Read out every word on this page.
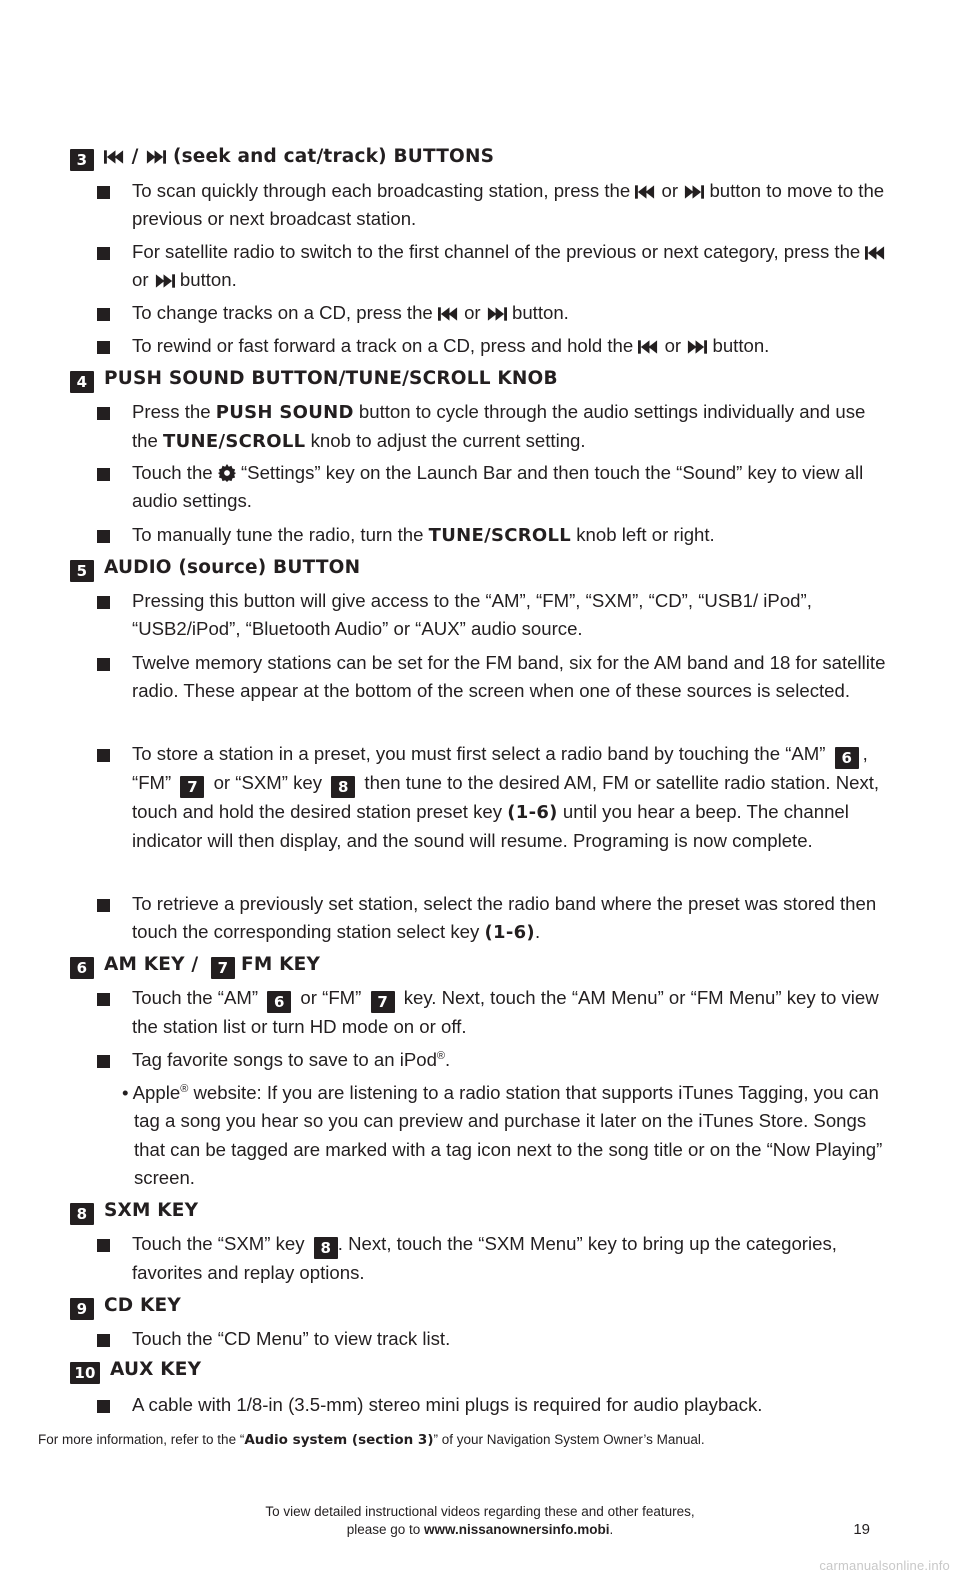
3 / (seek and cat/track) BUTTONS
To scan quickly through each broadcasting station, press the or button to move to the previous or next broadcast station.
For satellite radio to switch to the first channel of the previous or next category, press the  or button.
To change tracks on a CD, press the or button.
To rewind or fast forward a track on a CD, press and hold the or button.
4 PUSH SOUND BUTTON/TUNE/SCROLL KNOB
Press the PUSH SOUND button to cycle through the audio settings individually and use the TUNE/SCROLL knob to adjust the current setting.
Touch the “Settings” key on the Launch Bar and then touch the “Sound” key to view all audio settings.
To manually tune the radio, turn the TUNE/SCROLL knob left or right.
5 AUDIO (source) BUTTON
Pressing this button will give access to the “AM”, “FM”, “SXM”, “CD”, “USB1/ iPod”, “USB2/iPod”, “Bluetooth Audio” or “AUX” audio source.
Twelve memory stations can be set for the FM band, six for the AM band and 18 for satellite radio. These appear at the bottom of the screen when one of these sources is selected.
To store a station in a preset, you must first select a radio band by touching the “AM” 6 , “FM” 7 or “SXM” key 8 then tune to the desired AM, FM or satellite radio station. Next, touch and hold the desired station preset key (1-6) until you hear a beep. The channel indicator will then display, and the sound will resume. Programing is now complete.
To retrieve a previously set station, select the radio band where the preset was stored then touch the corresponding station select key (1-6).
6 AM KEY / 7 FM KEY
Touch the “AM” 6 or “FM” 7 key. Next, touch the “AM Menu” or “FM Menu” key to view the station list or turn HD mode on or off.
Tag favorite songs to save to an iPod®.
• Apple® website: If you are listening to a radio station that supports iTunes Tagging, you can tag a song you hear so you can preview and purchase it later on the iTunes Store. Songs that can be tagged are marked with a tag icon next to the song title or on the “Now Playing” screen.
8 SXM KEY
Touch the “SXM” key 8 . Next, touch the “SXM Menu” key to bring up the categories, favorites and replay options.
9 CD KEY
Touch the “CD Menu” to view track list.
10 AUX KEY
A cable with 1/8-in (3.5-mm) stereo mini plugs is required for audio playback.
For more information, refer to the “Audio system (section 3)” of your Navigation System Owner’s Manual.
To view detailed instructional videos regarding these and other features,
please go to www.nissanownersinfo.mobi.	19
carmanualsonline.info
